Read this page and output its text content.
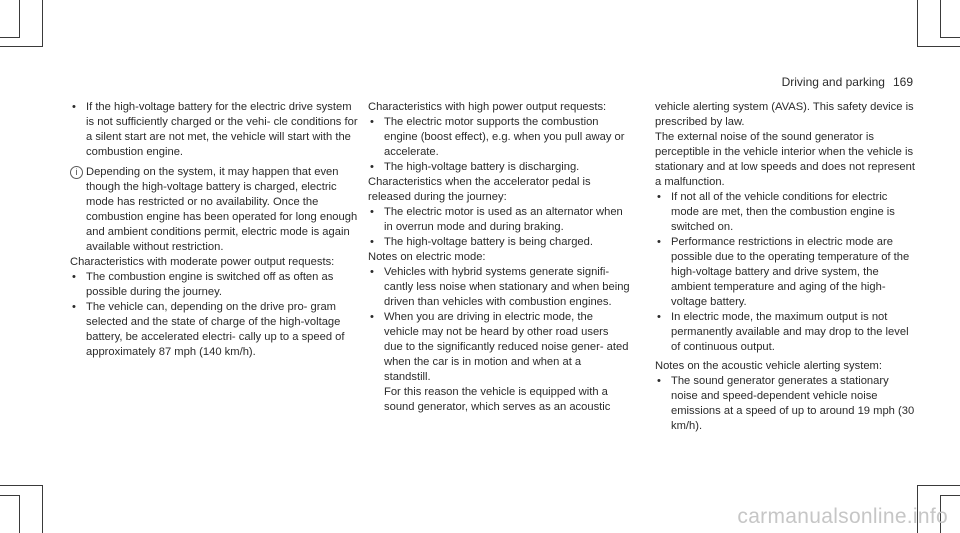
Driving and parking 169

• If the high-voltage battery for the electric drive system is not sufficiently charged or the vehi- cle conditions for a silent start are not met, the vehicle will start with the combustion engine.

i Depending on the system, it may happen that even though the high-voltage battery is charged, electric mode has restricted or no availability. Once the combustion engine has been operated for long enough and ambient conditions permit, electric mode is again available without restriction.

Characteristics with moderate power output requests:

• The combustion engine is switched off as often as possible during the journey.

• The vehicle can, depending on the drive pro- gram selected and the state of charge of the high-voltage battery, be accelerated electri- cally up to a speed of approximately 87 mph (140 km/h).

Characteristics with high power output requests:

• The electric motor supports the combustion engine (boost effect), e.g. when you pull away or accelerate.

• The high-voltage battery is discharging.

Characteristics when the accelerator pedal is released during the journey:

• The electric motor is used as an alternator when in overrun mode and during braking.

• The high-voltage battery is being charged.

Notes on electric mode:

• Vehicles with hybrid systems generate signifi- cantly less noise when stationary and when being driven than vehicles with combustion engines.

• When you are driving in electric mode, the vehicle may not be heard by other road users due to the significantly reduced noise gener- ated when the car is in motion and when at a standstill.

For this reason the vehicle is equipped with a sound generator, which serves as an acoustic

vehicle alerting system (AVAS). This safety device is prescribed by law.

The external noise of the sound generator is perceptible in the vehicle interior when the vehicle is stationary and at low speeds and does not represent a malfunction.

• If not all of the vehicle conditions for electric mode are met, then the combustion engine is switched on.

• Performance restrictions in electric mode are possible due to the operating temperature of the high-voltage battery and drive system, the ambient temperature and aging of the high- voltage battery.

• In electric mode, the maximum output is not permanently available and may drop to the level of continuous output.

Notes on the acoustic vehicle alerting system:

• The sound generator generates a stationary noise and speed-dependent vehicle noise emissions at a speed of up to around 19 mph (30 km/h).

carmanualsonline.info
